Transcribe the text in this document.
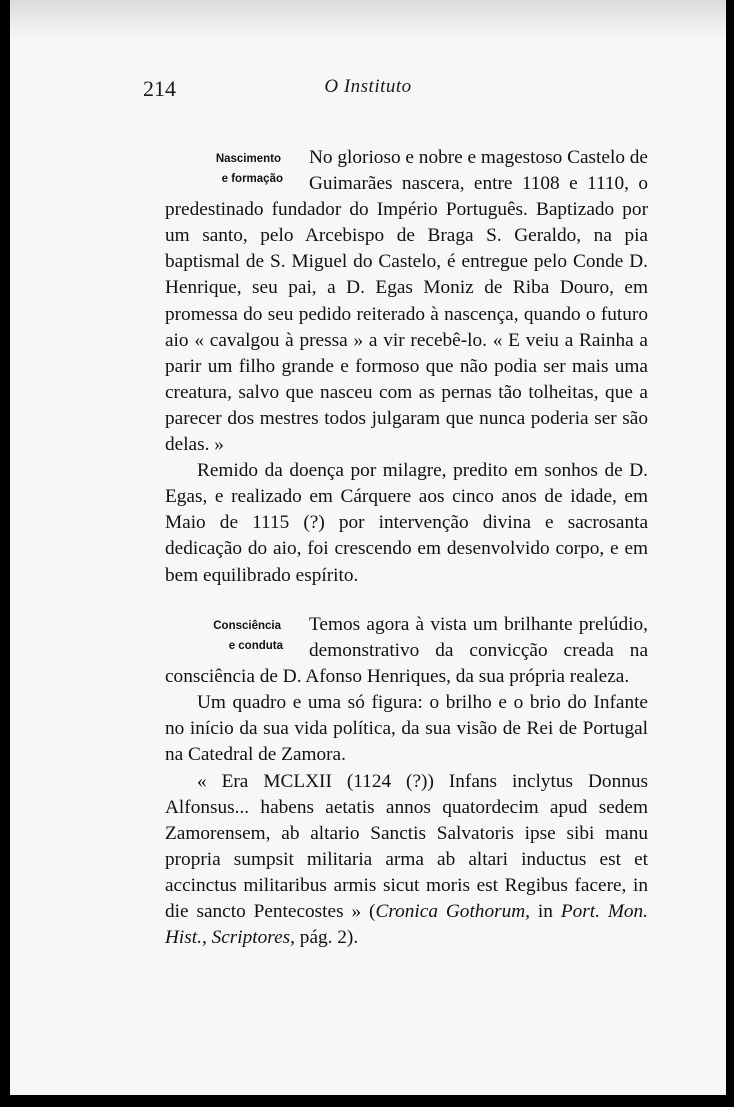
214	O Instituto
Nascimento
e formação

No glorioso e nobre e magestoso Castelo de Guimarães nascera, entre 1108 e 1110, o predestinado fundador do Império Português. Baptizado por um santo, pelo Arcebispo de Braga S. Geraldo, na pia baptismal de S. Miguel do Castelo, é entregue pelo Conde D. Henrique, seu pai, a D. Egas Moniz de Riba Douro, em promessa do seu pedido reiterado à nascença, quando o futuro aio « cavalgou à pressa » a vir recebê-lo. « E veiu a Rainha a parir um filho grande e formoso que não podia ser mais uma creatura, salvo que nasceu com as pernas tão tolheitas, que a parecer dos mestres todos julgaram que nunca poderia ser são delas. »

Remido da doença por milagre, predito em sonhos de D. Egas, e realizado em Cárquere aos cinco anos de idade, em Maio de 1115 (?) por intervenção divina e sacrosanta dedicação do aio, foi crescendo em desenvolvido corpo, e em bem equilibrado espírito.

Consciência
e conduta

Temos agora à vista um brilhante prelúdio, demonstrativo da convicção creada na consciência de D. Afonso Henriques, da sua própria realeza.

Um quadro e uma só figura: o brilho e o brio do Infante no início da sua vida política, da sua visão de Rei de Portugal na Catedral de Zamora.

« Era MCLXII (1124 (?)) Infans inclytus Donnus Alfonsus... habens aetatis annos quatordecim apud sedem Zamorensem, ab altario Sanctis Salvatoris ipse sibi manu propria sumpsit militaria arma ab altari inductus est et accinctus militaribus armis sicut moris est Regibus facere, in die sancto Pentecostes » (Cronica Gothorum, in Port. Mon. Hist., Scriptores, pág. 2).
